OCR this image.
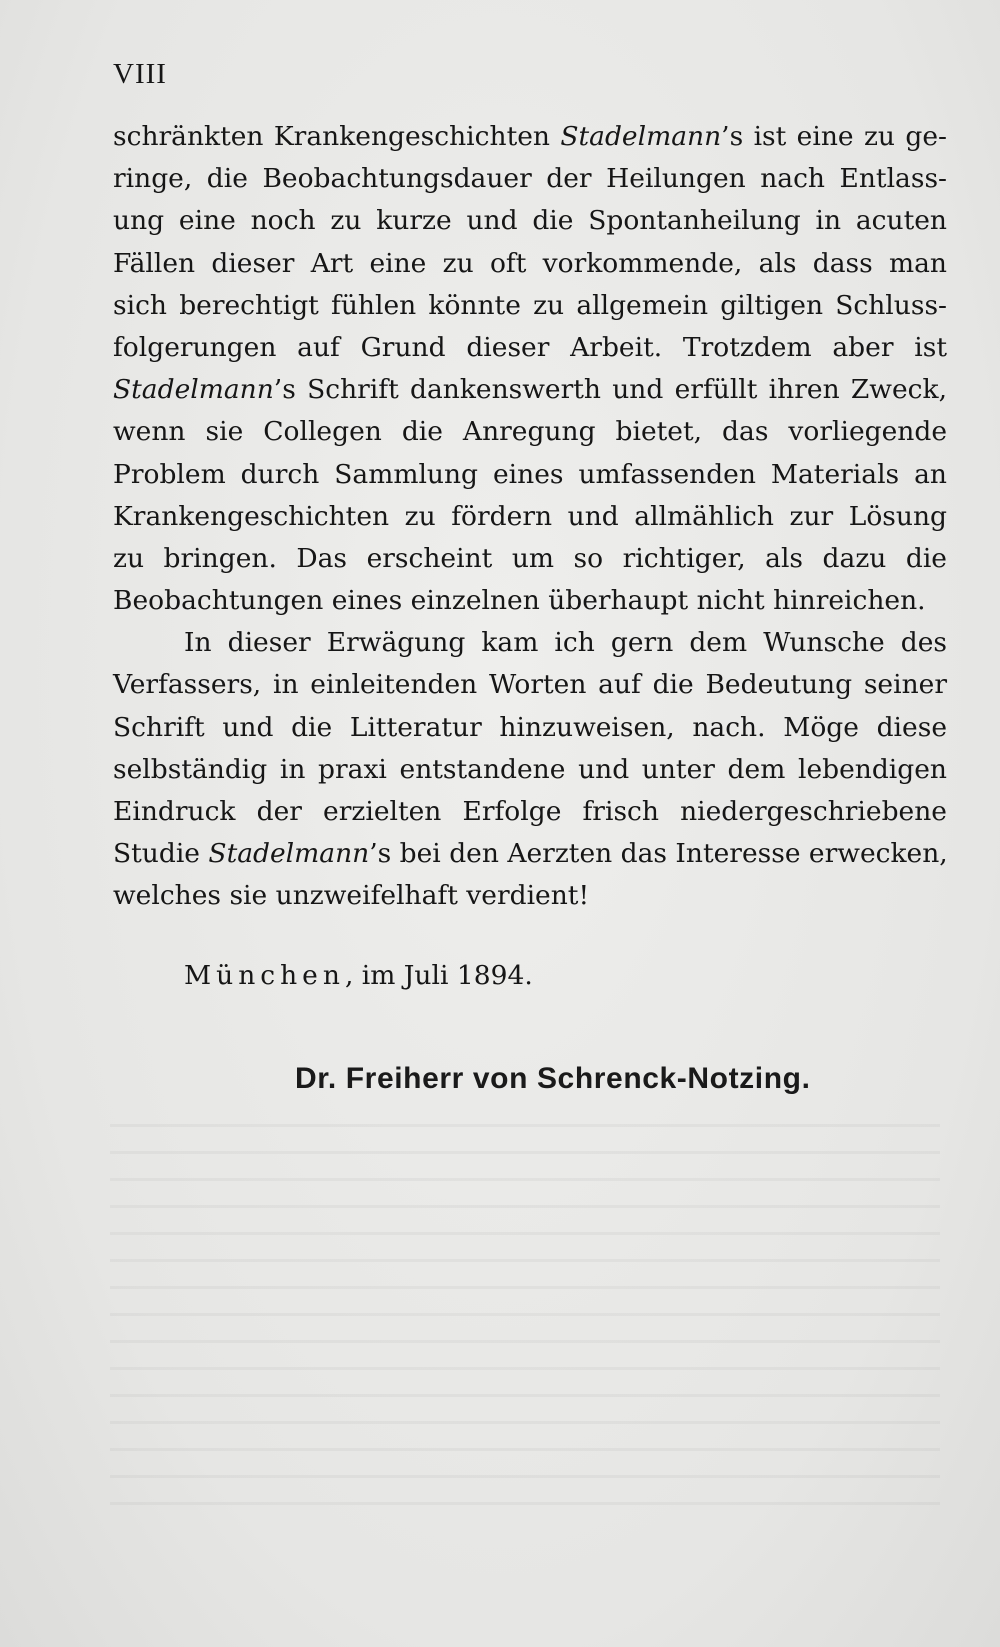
VIII

schränkten Krankengeschichten Stadelmann’s ist eine zu ge-
ringe, die Beobachtungsdauer der Heilungen nach Entlass-
ung eine noch zu kurze und die Spontanheilung in acuten
Fällen dieser Art eine zu oft vorkommende, als dass man
sich berechtigt fühlen könnte zu allgemein giltigen Schluss-
folgerungen auf Grund dieser Arbeit. Trotzdem aber ist
Stadelmann’s Schrift dankenswerth und erfüllt ihren Zweck,
wenn sie Collegen die Anregung bietet, das vorliegende
Problem durch Sammlung eines umfassenden Materials an
Krankengeschichten zu fördern und allmählich zur Lösung
zu bringen. Das erscheint um so richtiger, als dazu die
Beobachtungen eines einzelnen überhaupt nicht hinreichen.
In dieser Erwägung kam ich gern dem Wunsche des
Verfassers, in einleitenden Worten auf die Bedeutung seiner
Schrift und die Litteratur hinzuweisen, nach. Möge diese
selbständig in praxi entstandene und unter dem lebendigen
Eindruck der erzielten Erfolge frisch niedergeschriebene
Studie Stadelmann’s bei den Aerzten das Interesse erwecken,
welches sie unzweifelhaft verdient!

München, im Juli 1894.

Dr. Freiherr von Schrenck-Notzing.
